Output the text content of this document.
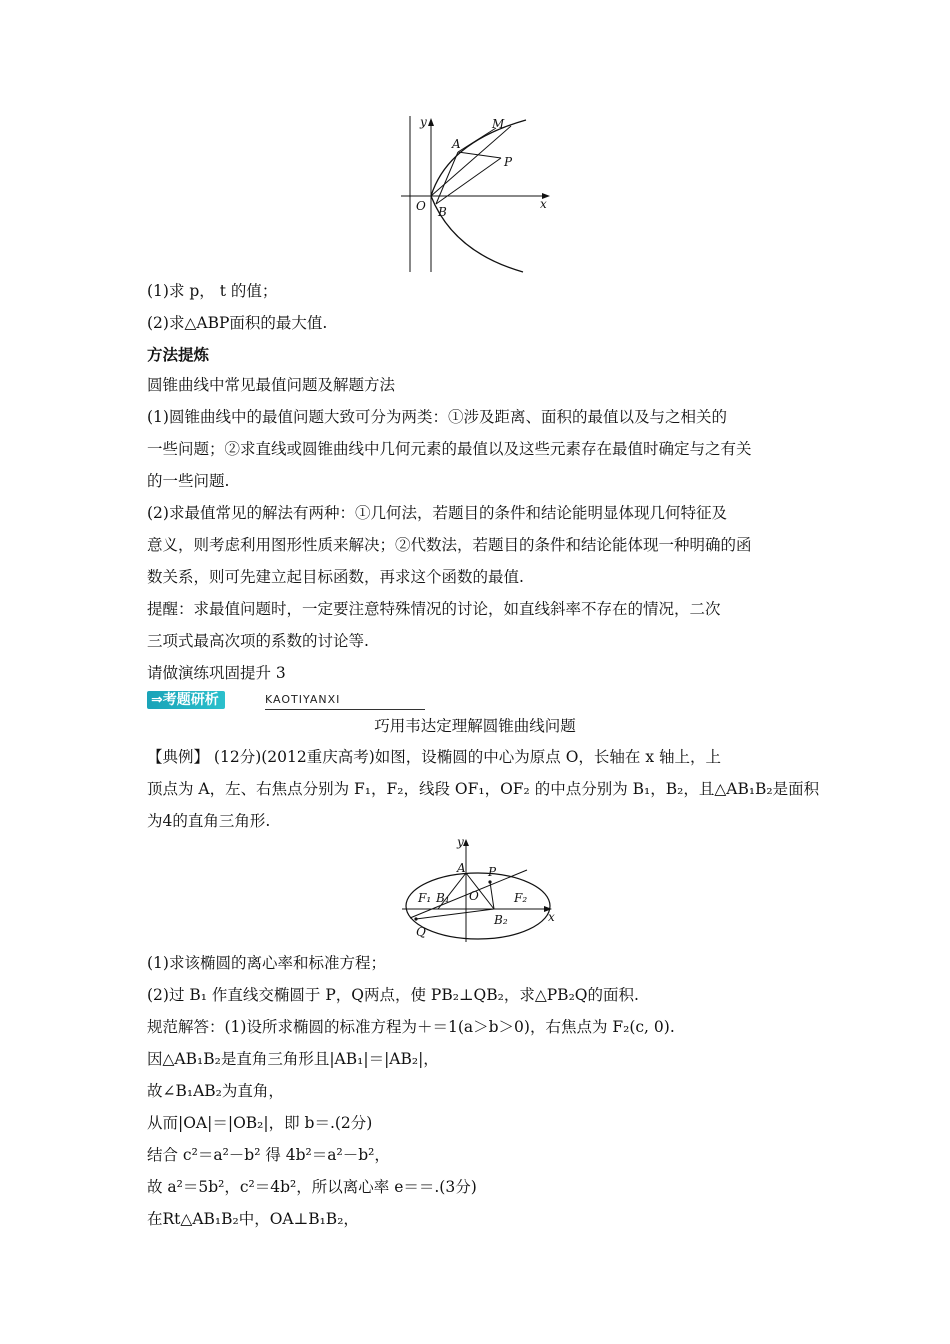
y
x
O B
A
M
P
(1)求 p， t 的值；
(2)求△ABP面积的最大值.
方法提炼
圆锥曲线中常见最值问题及解题方法
(1)圆锥曲线中的最值问题大致可分为两类：①涉及距离、面积的最值以及与之相关的
一些问题；②求直线或圆锥曲线中几何元素的最值以及这些元素存在最值时确定与之有关
的一些问题.
(2)求最值常见的解法有两种：①几何法，若题目的条件和结论能明显体现几何特征及
意义，则考虑利用图形性质来解决；②代数法，若题目的条件和结论能体现一种明确的函
数关系，则可先建立起目标函数，再求这个函数的最值.
提醒：求最值问题时，一定要注意特殊情况的讨论，如直线斜率不存在的情况，二次
三项式最高次项的系数的讨论等.
请做演练巩固提升 3
⇒考题研析	KAOTIYANXI
巧用韦达定理解圆锥曲线问题
【典例】 (12分)(2012重庆高考)如图，设椭圆的中心为原点 O，长轴在 x 轴上，上
顶点为 A，左、右焦点分别为 F₁，F₂，线段 OF₁，OF₂ 的中点分别为 B₁，B₂，且△AB₁B₂是面积
为4的直角三角形.
y
x
A P
O
F₁ B₁	F₂
B₂
Q
(1)求该椭圆的离心率和标准方程；
(2)过 B₁ 作直线交椭圆于 P，Q两点，使 PB₂⊥QB₂，求△PB₂Q的面积.
规范解答：(1)设所求椭圆的标准方程为＋＝1(a＞b＞0)，右焦点为 F₂(c, 0).
因△AB₁B₂是直角三角形且|AB₁|＝|AB₂|，
故∠B₁AB₂为直角，
从而|OA|＝|OB₂|，即 b＝.(2分)
结合 c²＝a²－b² 得 4b²＝a²－b²，
故 a²＝5b²，c²＝4b²，所以离心率 e＝＝.(3分)
在Rt△AB₁B₂中，OA⊥B₁B₂，
